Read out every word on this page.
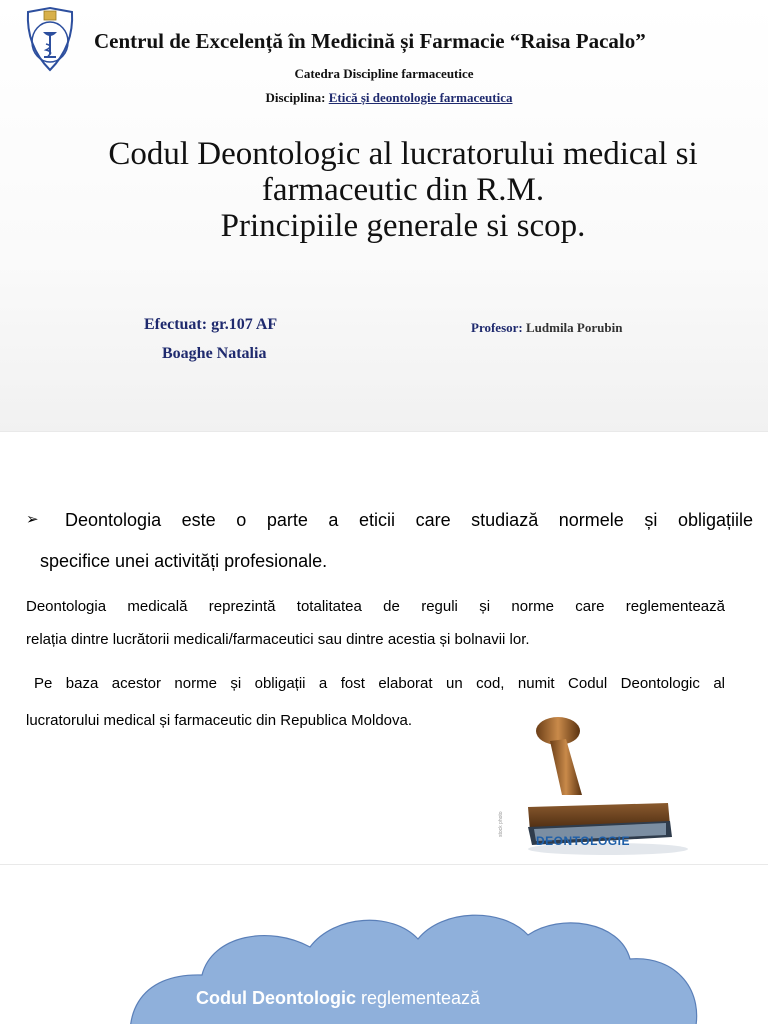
Centrul de Excelență în Medicină și Farmacie “Raisa Pacalo”
Catedra Discipline farmaceutice
Disciplina: Etică și deontologie farmaceutica
Codul Deontologic al lucratorului medical si
farmaceutic din R.M.
Principiile generale si scop.
Efectuat: gr.107 AF
Boaghe Natalia
Profesor: Ludmila Porubin
➢ Deontologia este o parte a eticii care studiază normele și obligațiile
specifice unei activități profesionale.
Deontologia medicală reprezintă totalitatea de reguli și norme care reglementează
relația dintre lucrătorii medicali/farmaceutici sau dintre acestia și bolnavii lor.
Pe baza acestor norme și obligații a fost elaborat un cod, numit Codul Deontologic al
lucratorului medical și farmaceutic din Republica Moldova.
stock photo
DEONTOLOGIE
Codul Deontologic reglementează
